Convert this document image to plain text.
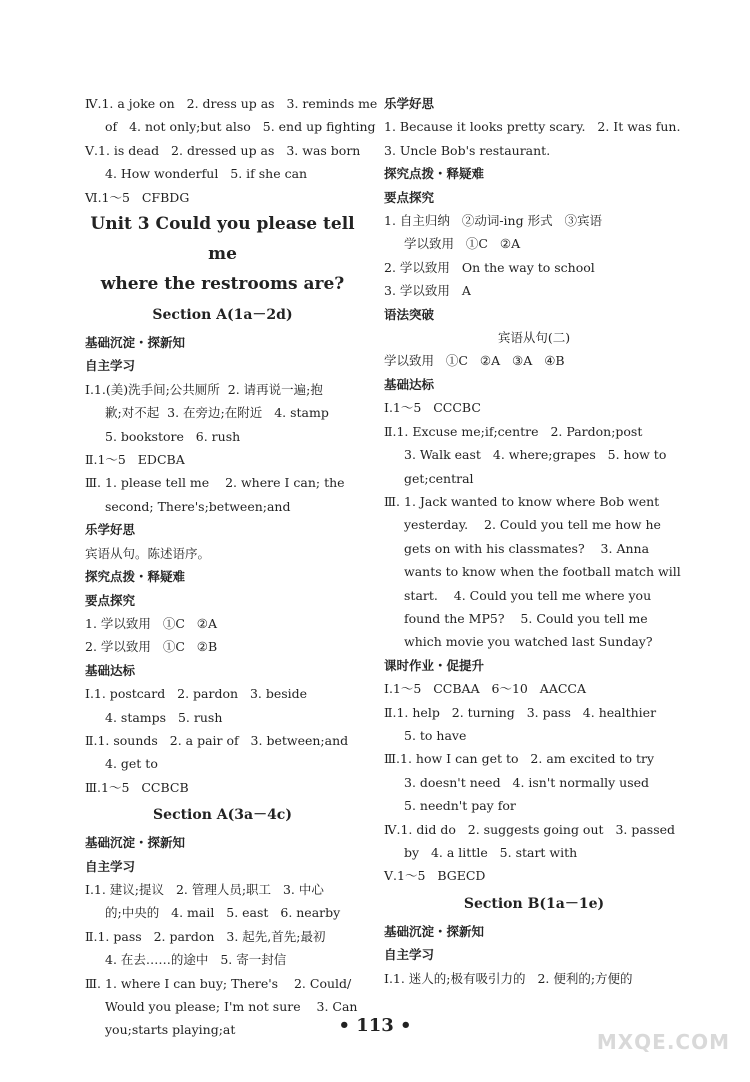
Ⅳ.1. a joke on   2. dress up as   3. reminds me
of   4. not only;but also   5. end up fighting
Ⅴ.1. is dead   2. dressed up as   3. was born
4. How wonderful   5. if she can
Ⅵ.1～5   CFBDG
Unit 3 Could you please tell me
where the restrooms are?
Section A(1a－2d)
基础沉淀・探新知
自主学习
Ⅰ.1.(美)洗手间;公共厕所  2. 请再说一遍;抱
歉;对不起  3. 在旁边;在附近   4. stamp
5. bookstore   6. rush
Ⅱ.1～5   EDCBA
Ⅲ. 1. please tell me    2. where I can; the
second; There's;between;and
乐学好思
宾语从句。陈述语序。
探究点拨・释疑难
要点探究
1. 学以致用   ①C   ②A
2. 学以致用   ①C   ②B
基础达标
Ⅰ.1. postcard   2. pardon   3. beside
4. stamps   5. rush
Ⅱ.1. sounds   2. a pair of   3. between;and
4. get to
Ⅲ.1～5   CCBCB
Section A(3a－4c)
基础沉淀・探新知
自主学习
Ⅰ.1. 建议;提议   2. 管理人员;职工   3. 中心
的;中央的   4. mail   5. east   6. nearby
Ⅱ.1. pass   2. pardon   3. 起先,首先;最初
4. 在去……的途中   5. 寄一封信
Ⅲ. 1. where I can buy; There's    2. Could/
Would you please; I'm not sure    3. Can
you;starts playing;at
乐学好思
1. Because it looks pretty scary.   2. It was fun.
3. Uncle Bob's restaurant.
探究点拨・释疑难
要点探究
1. 自主归纳   ②动词-ing 形式   ③宾语
学以致用   ①C   ②A
2. 学以致用   On the way to school
3. 学以致用   A
语法突破
宾语从句(二)
学以致用   ①C   ②A   ③A   ④B
基础达标
Ⅰ.1～5   CCCBC
Ⅱ.1. Excuse me;if;centre   2. Pardon;post
3. Walk east   4. where;grapes   5. how to
get;central
Ⅲ. 1. Jack wanted to know where Bob went
yesterday.    2. Could you tell me how he
gets on with his classmates?    3. Anna
wants to know when the football match will
start.    4. Could you tell me where you
found the MP5?    5. Could you tell me
which movie you watched last Sunday?
课时作业・促提升
Ⅰ.1～5   CCBAA   6～10   AACCA
Ⅱ.1. help   2. turning   3. pass   4. healthier
5. to have
Ⅲ.1. how I can get to   2. am excited to try
3. doesn't need   4. isn't normally used
5. needn't pay for
Ⅳ.1. did do   2. suggests going out   3. passed
by   4. a little   5. start with
Ⅴ.1～5   BGECD
Section B(1a－1e)
基础沉淀・探新知
自主学习
Ⅰ.1. 迷人的;极有吸引力的   2. 便利的;方便的
• 113 •
MXQE.COM
